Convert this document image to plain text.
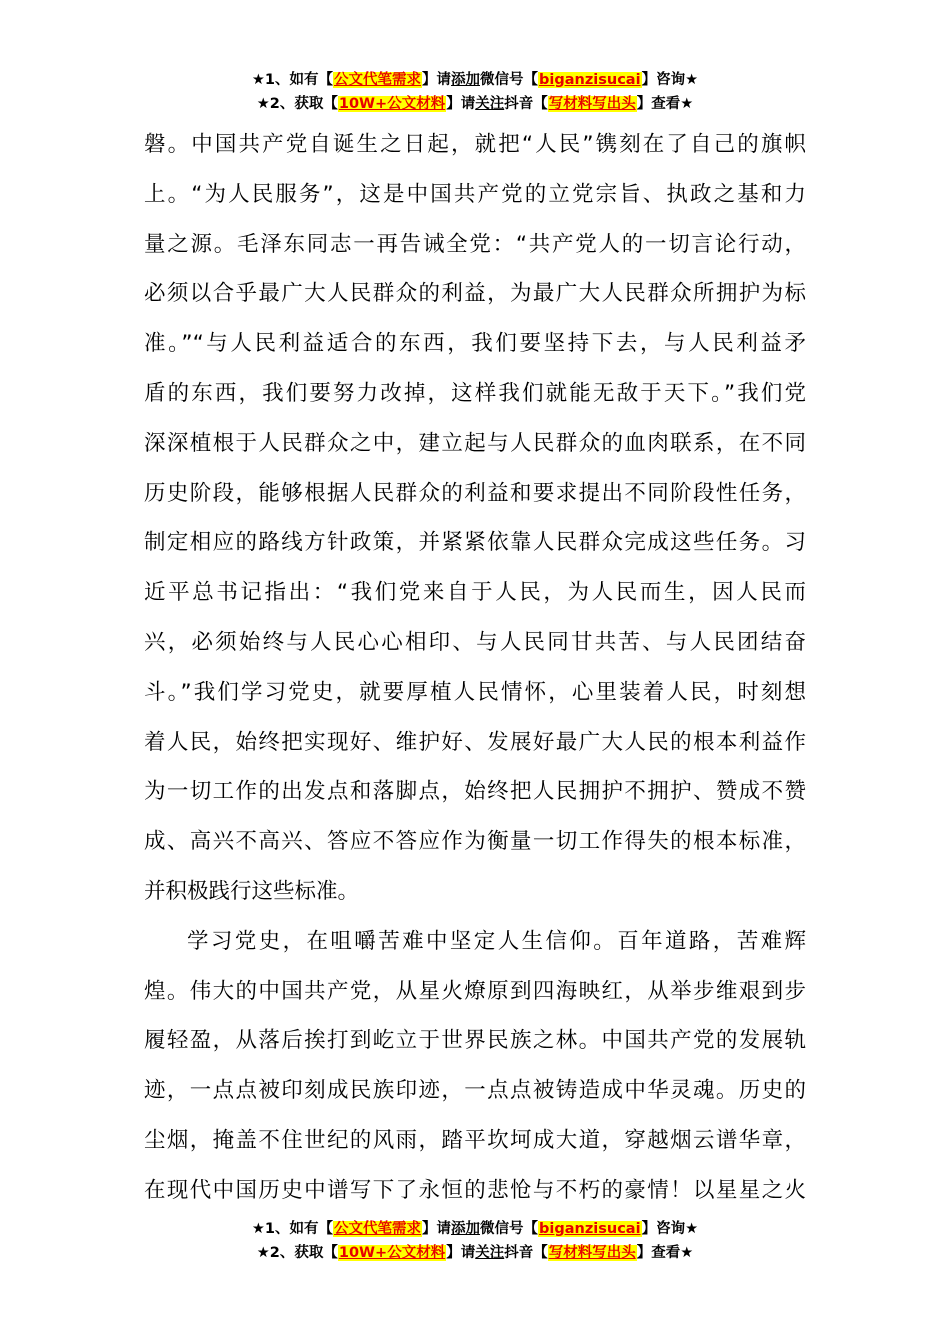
★1、如有【公文代笔需求】请添加微信号【biganzisucai】咨询★
★2、获取【10W+公文材料】请关注抖音【写材料写出头】查看★
磐。中国共产党自诞生之日起，就把“人民”镌刻在了自己的旗帜
上。“为人民服务”，这是中国共产党的立党宗旨、执政之基和力
量之源。毛泽东同志一再告诫全党：“共产党人的一切言论行动，
必须以合乎最广大人民群众的利益，为最广大人民群众所拥护为标
准。”“与人民利益适合的东西，我们要坚持下去，与人民利益矛
盾的东西，我们要努力改掉，这样我们就能无敌于天下。”我们党
深深植根于人民群众之中，建立起与人民群众的血肉联系，在不同
历史阶段，能够根据人民群众的利益和要求提出不同阶段性任务，
制定相应的路线方针政策，并紧紧依靠人民群众完成这些任务。习
近平总书记指出：“我们党来自于人民，为人民而生，因人民而
兴，必须始终与人民心心相印、与人民同甘共苦、与人民团结奋
斗。”我们学习党史，就要厚植人民情怀，心里装着人民，时刻想
着人民，始终把实现好、维护好、发展好最广大人民的根本利益作
为一切工作的出发点和落脚点，始终把人民拥护不拥护、赞成不赞
成、高兴不高兴、答应不答应作为衡量一切工作得失的根本标准，
并积极践行这些标准。
学习党史，在咀嚼苦难中坚定人生信仰。百年道路，苦难辉
煌。伟大的中国共产党，从星火燎原到四海映红，从举步维艰到步
履轻盈，从落后挨打到屹立于世界民族之林。中国共产党的发展轨
迹，一点点被印刻成民族印迹，一点点被铸造成中华灵魂。历史的
尘烟，掩盖不住世纪的风雨，踏平坎坷成大道，穿越烟云谱华章，
在现代中国历史中谱写下了永恒的悲怆与不朽的豪情！以星星之火
★1、如有【公文代笔需求】请添加微信号【biganzisucai】咨询★
★2、获取【10W+公文材料】请关注抖音【写材料写出头】查看★
